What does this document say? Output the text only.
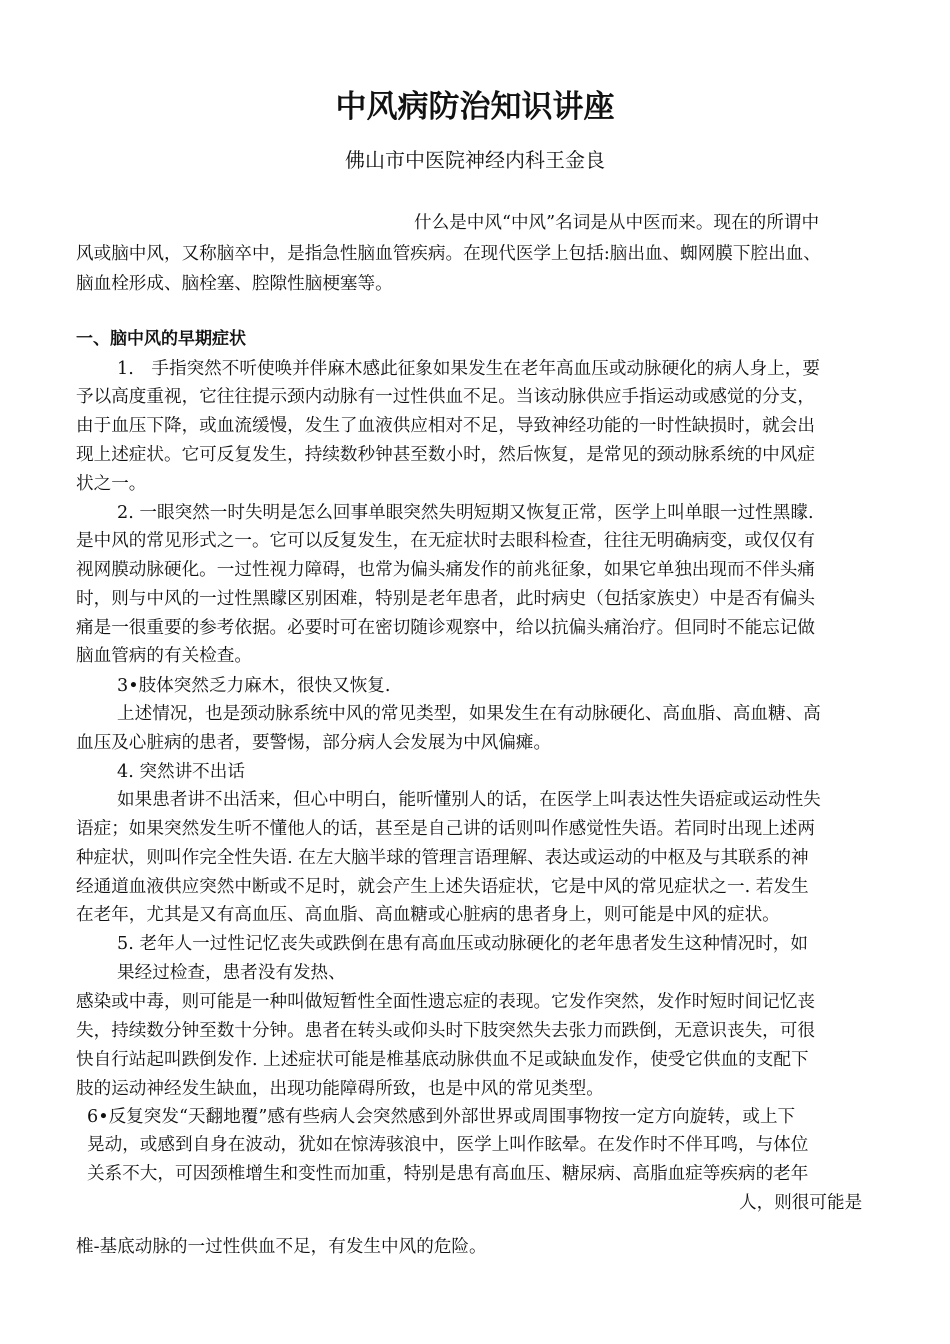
中风病防治知识讲座
佛山市中医院神经内科王金良
什么是中风“中风”名词是从中医而来。现在的所谓中
风或脑中风，又称脑卒中，是指急性脑血管疾病。在现代医学上包括:脑出血、蜘网膜下腔出血、
脑血栓形成、脑栓塞、腔隙性脑梗塞等。
一、脑中风的早期症状
1.　手指突然不听使唤并伴麻木感此征象如果发生在老年高血压或动脉硬化的病人身上，要
予以高度重视，它往往提示颈内动脉有一过性供血不足。当该动脉供应手指运动或感觉的分支，
由于血压下降，或血流缓慢，发生了血液供应相对不足，导致神经功能的一时性缺损时，就会出
现上述症状。它可反复发生，持续数秒钟甚至数小时，然后恢复，是常见的颈动脉系统的中风症
状之一。
2. 一眼突然一时失明是怎么回事单眼突然失明短期又恢复正常，医学上叫单眼一过性黑矇.
是中风的常见形式之一。它可以反复发生，在无症状时去眼科检查，往往无明确病变，或仅仅有
视网膜动脉硬化。一过性视力障碍，也常为偏头痛发作的前兆征象，如果它单独出现而不伴头痛
时，则与中风的一过性黑矇区别困难，特别是老年患者，此时病史（包括家族史）中是否有偏头
痛是一很重要的参考依据。必要时可在密切随诊观察中，给以抗偏头痛治疗。但同时不能忘记做
脑血管病的有关检查。
3•肢体突然乏力麻木，很快又恢复.
上述情况，也是颈动脉系统中风的常见类型，如果发生在有动脉硬化、高血脂、高血糖、高
血压及心脏病的患者，要警惕，部分病人会发展为中风偏瘫。
4. 突然讲不出话
如果患者讲不出活来，但心中明白，能听懂别人的话，在医学上叫表达性失语症或运动性失
语症；如果突然发生听不懂他人的话，甚至是自己讲的话则叫作感觉性失语。若同时出现上述两
种症状，则叫作完全性失语. 在左大脑半球的管理言语理解、表达或运动的中枢及与其联系的神
经通道血液供应突然中断或不足时，就会产生上述失语症状，它是中风的常见症状之一. 若发生
在老年，尤其是又有高血压、高血脂、高血糖或心脏病的患者身上，则可能是中风的症状。
5. 老年人一过性记忆丧失或跌倒在患有高血压或动脉硬化的老年患者发生这种情况时，如
果经过检查，患者没有发热、
感染或中毒，则可能是一种叫做短暂性全面性遗忘症的表现。它发作突然，发作时短时间记忆丧
失，持续数分钟至数十分钟。患者在转头或仰头时下肢突然失去张力而跌倒，无意识丧失，可很
快自行站起叫跌倒发作. 上述症状可能是椎基底动脉供血不足或缺血发作，使受它供血的支配下
肢的运动神经发生缺血，出现功能障碍所致，也是中风的常见类型。
6•反复突发“天翻地覆”感有些病人会突然感到外部世界或周围事物按一定方向旋转，或上下
晃动，或感到自身在波动，犹如在惊涛骇浪中，医学上叫作眩晕。在发作时不伴耳鸣，与体位
关系不大，可因颈椎增生和变性而加重，特别是患有高血压、糖尿病、高脂血症等疾病的老年
人，则很可能是
椎-基底动脉的一过性供血不足，有发生中风的危险。
